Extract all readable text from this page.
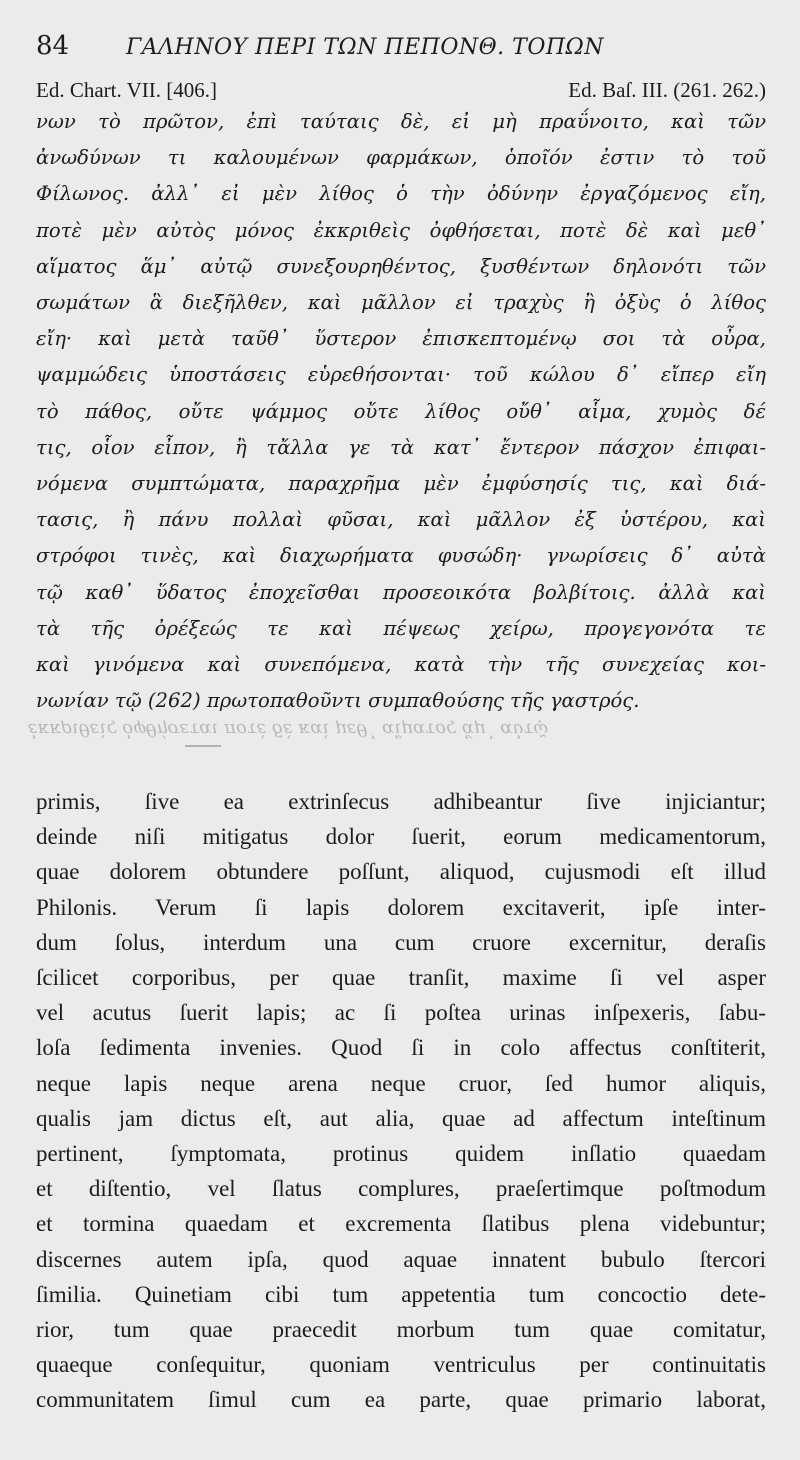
84	ΓΑΛΗΝΟΥ ΠΕΡΙ ΤΩΝ ΠΕΠΟΝΘ. ΤΟΠΩΝ
Ed. Chart. VII. [406.]	Ed. Baſ. III. (261. 262.)
νων τὸ πρῶτον, ἐπὶ ταύταις δὲ, εἰ μὴ πραΰνοιτο, καὶ τῶν
ἀνωδύνων τι καλουμένων φαρμάκων, ὁποῖόν ἐστιν τὸ τοῦ
Φίλωνος. ἀλλ᾽ εἰ μὲν λίθος ὁ τὴν ὀδύνην ἐργαζόμενος εἴη,
ποτὲ μὲν αὐτὸς μόνος ἐκκριθεὶς ὀφθήσεται, ποτὲ δὲ καὶ μεθ᾽
αἵματος ἅμ᾽ αὐτῷ συνεξουρηθέντος, ξυσθέντων δηλονότι τῶν
σωμάτων ἃ διεξῆλθεν, καὶ μᾶλλον εἰ τραχὺς ἢ ὀξὺς ὁ λίθος
εἴη· καὶ μετὰ ταῦθ᾽ ὕστερον ἐπισκεπτομένῳ σοι τὰ οὖρα,
ψαμμώδεις ὑποστάσεις εὑρεθήσονται· τοῦ κώλου δ᾽ εἴπερ εἴη
τὸ πάθος, οὔτε ψάμμος οὔτε λίθος οὔθ᾽ αἷμα, χυμὸς δέ
τις, οἷον εἶπον, ἢ τἄλλα γε τὰ κατ᾽ ἔντερον πάσχον ἐπιφαι-
νόμενα συμπτώματα, παραχρῆμα μὲν ἐμφύσησίς τις, καὶ διά-
τασις, ἢ πάνυ πολλαὶ φῦσαι, καὶ μᾶλλον ἐξ ὑστέρου, καὶ
στρόφοι τινὲς, καὶ διαχωρήματα φυσώδη· γνωρίσεις δ᾽ αὐτὰ
τῷ καθ᾽ ὕδατος ἐποχεῖσθαι προσεοικότα βολβίτοις. ἀλλὰ καὶ
τὰ τῆς ὀρέξεώς τε καὶ πέψεως χείρω, προγεγονότα τε
καὶ γινόμενα καὶ συνεπόμενα, κατὰ τὴν τῆς συνεχείας κοι-
νωνίαν τῷ (262) πρωτοπαθοῦντι συμπαθούσης τῆς γαστρός.
ἐκκριθεὶς ὀφθήσεται ποτὲ δὲ καὶ μεθ᾽ αἵματος ἅμ᾽ αὐτῷ
primis, ſive ea extrinſecus adhibeantur ſive injiciantur;
deinde niſi mitigatus dolor ſuerit, eorum medicamentorum,
quae dolorem obtundere poſſunt, aliquod, cujusmodi eſt illud
Philonis. Verum ſi lapis dolorem excitaverit, ipſe inter-
dum ſolus, interdum una cum cruore excernitur, deraſis
ſcilicet corporibus, per quae tranſit, maxime ſi vel asper
vel acutus ſuerit lapis; ac ſi poſtea urinas inſpexeris, ſabu-
loſa ſedimenta invenies. Quod ſi in colo affectus conſtiterit,
neque lapis neque arena neque cruor, ſed humor aliquis,
qualis jam dictus eſt, aut alia, quae ad affectum inteſtinum
pertinent, ſymptomata, protinus quidem inſlatio quaedam
et diſtentio, vel ſlatus complures, praeſertimque poſtmodum
et tormina quaedam et excrementa ſlatibus plena videbuntur;
discernes autem ipſa, quod aquae innatent bubulo ſtercori
ſimilia. Quinetiam cibi tum appetentia tum concoctio dete-
rior, tum quae praecedit morbum tum quae comitatur,
quaeque conſequitur, quoniam ventriculus per continuitatis
communitatem ſimul cum ea parte, quae primario laborat,
